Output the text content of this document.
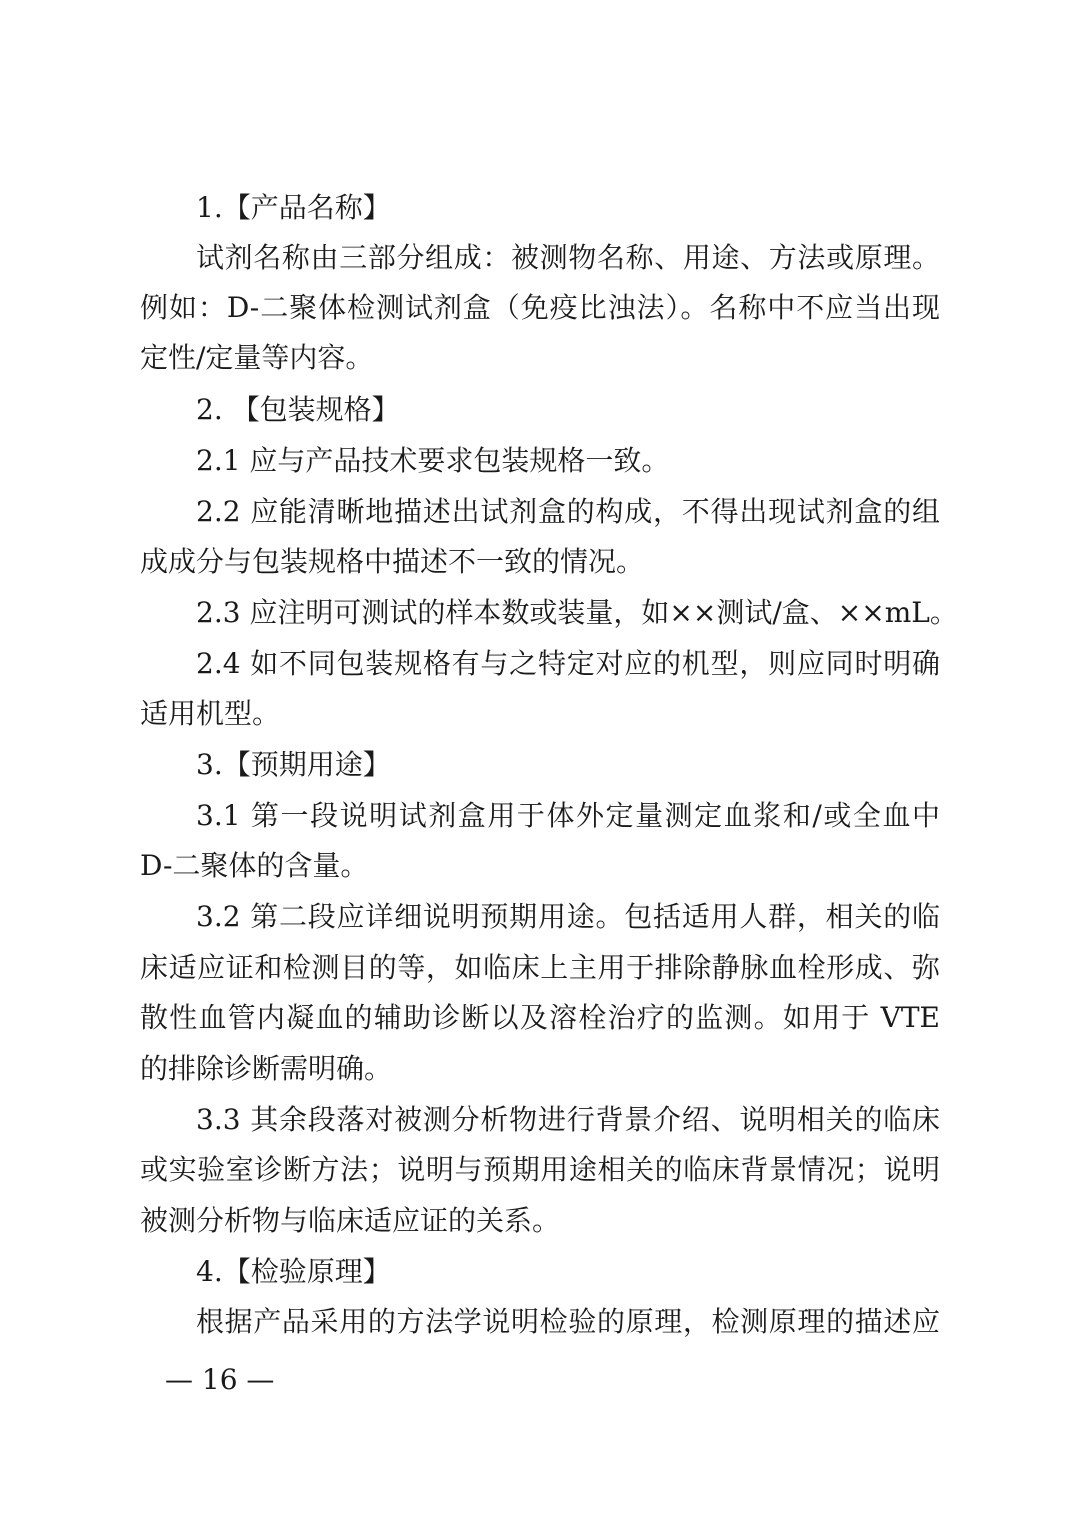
1.【产品名称】
试剂名称由三部分组成：被测物名称、用途、方法或原理。
例如：D-二聚体检测试剂盒（免疫比浊法）。名称中不应当出现
定性/定量等内容。
2. 【包装规格】
2.1 应与产品技术要求包装规格一致。
2.2 应能清晰地描述出试剂盒的构成，不得出现试剂盒的组
成成分与包装规格中描述不一致的情况。
2.3 应注明可测试的样本数或装量，如××测试/盒、××mL。
2.4 如不同包装规格有与之特定对应的机型，则应同时明确
适用机型。
3.【预期用途】
3.1 第一段说明试剂盒用于体外定量测定血浆和/或全血中
D-二聚体的含量。
3.2 第二段应详细说明预期用途。包括适用人群，相关的临
床适应证和检测目的等，如临床上主用于排除静脉血栓形成、弥
散性血管内凝血的辅助诊断以及溶栓治疗的监测。如用于 VTE
的排除诊断需明确。
3.3 其余段落对被测分析物进行背景介绍、说明相关的临床
或实验室诊断方法；说明与预期用途相关的临床背景情况；说明
被测分析物与临床适应证的关系。
4.【检验原理】
根据产品采用的方法学说明检验的原理，检测原理的描述应
— 16 —
